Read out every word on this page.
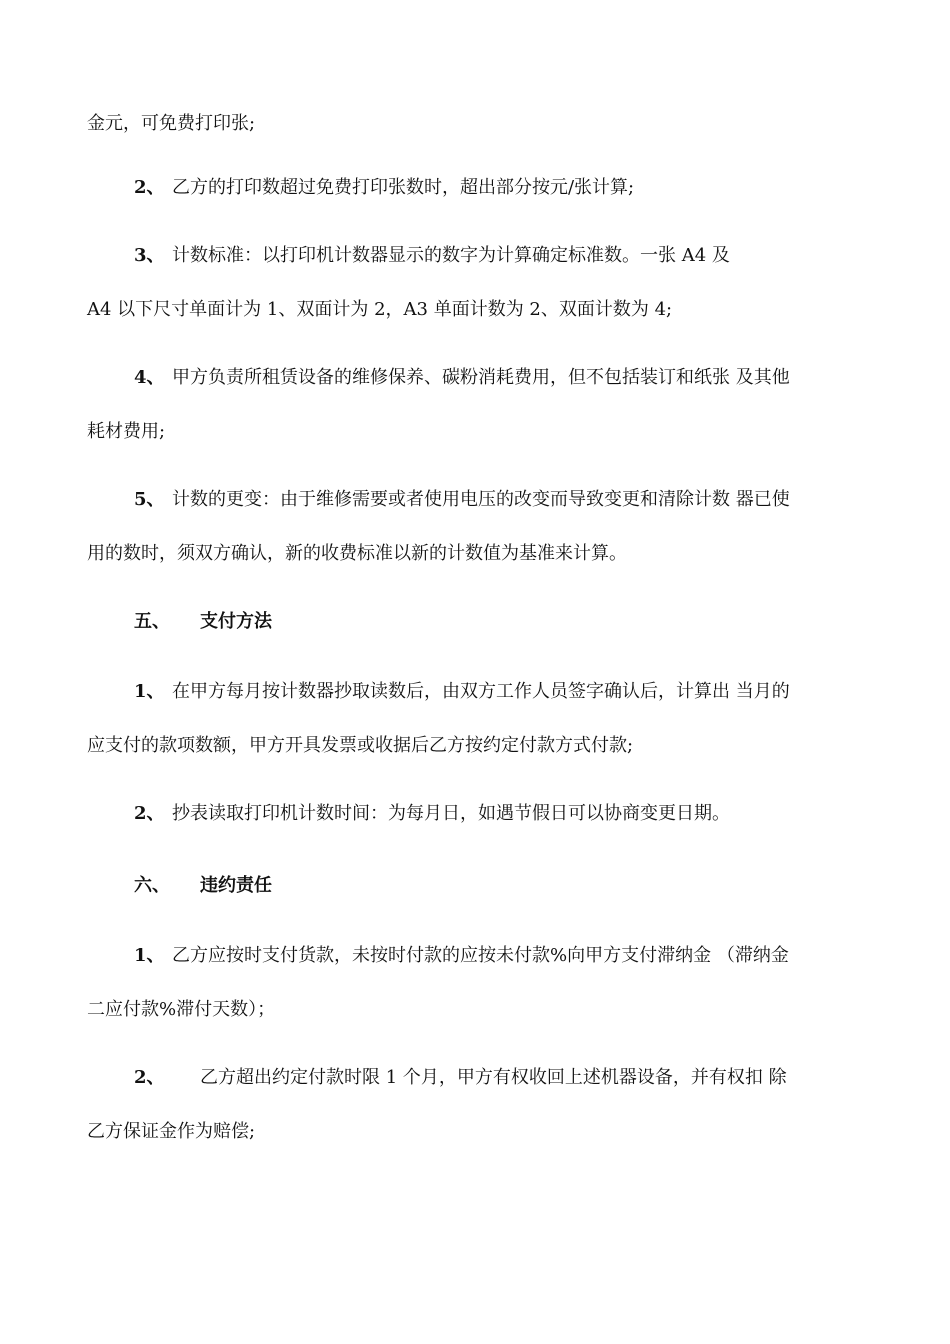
金元，可免费打印张;
2、 乙方的打印数超过免费打印张数时，超出部分按元/张计算;
3、 计数标准：以打印机计数器显示的数字为计算确定标准数。一张 A4 及
A4 以下尺寸单面计为 1、双面计为 2，A3 单面计数为 2、双面计数为 4;
4、 甲方负责所租赁设备的维修保养、碳粉消耗费用，但不包括装订和纸张 及其他
耗材费用;
5、 计数的更变：由于维修需要或者使用电压的改变而导致变更和清除计数 器已使
用的数时，须双方确认，新的收费标准以新的计数值为基准来计算。
五、 支付方法
1、 在甲方每月按计数器抄取读数后，由双方工作人员签字确认后，计算出 当月的
应支付的款项数额，甲方开具发票或收据后乙方按约定付款方式付款;
2、 抄表读取打印机计数时间：为每月日，如遇节假日可以协商变更日期。
六、 违约责任
1、 乙方应按时支付货款，未按时付款的应按未付款%向甲方支付滞纳金 （滞纳金
二应付款%滞付天数）；
2、 乙方超出约定付款时限 1 个月，甲方有权收回上述机器设备，并有权扣 除
乙方保证金作为赔偿;
